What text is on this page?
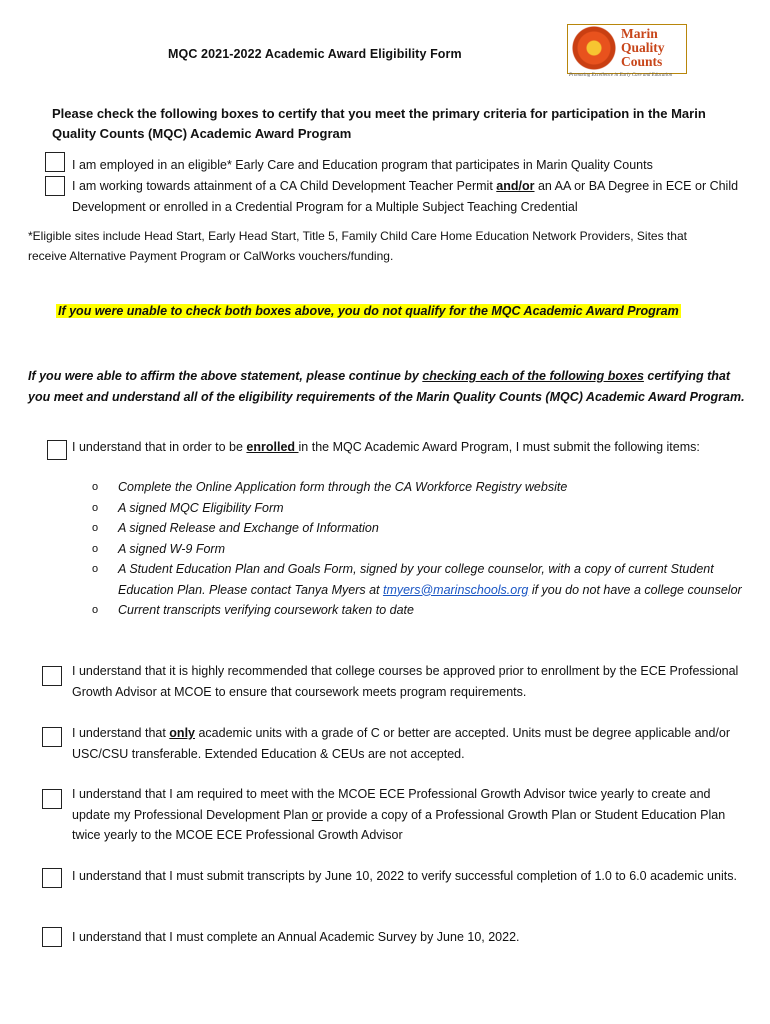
MQC 2021-2022 Academic Award Eligibility Form
Marin
Quality
Counts
Promoting Excellence in Early Care and Education
Please check the following boxes to certify that you meet the primary criteria for participation in the Marin Quality Counts (MQC) Academic Award Program
I am employed in an eligible* Early Care and Education program that participates in Marin Quality Counts
I am working towards attainment of a CA Child Development Teacher Permit and/or an AA or BA Degree in ECE or Child Development or enrolled in a Credential Program for a Multiple Subject Teaching Credential
*Eligible sites include Head Start, Early Head Start, Title 5, Family Child Care Home Education Network Providers, Sites that receive Alternative Payment Program or CalWorks vouchers/funding.
If you were unable to check both boxes above, you do not qualify for the MQC Academic Award Program
If you were able to affirm the above statement, please continue by checking each of the following boxes certifying that you meet and understand all of the eligibility requirements of the Marin Quality Counts (MQC) Academic Award Program.
I understand that in order to be enrolled in the MQC Academic Award Program, I must submit the following items:
o Complete the Online Application form through the CA Workforce Registry website
o A signed MQC Eligibility Form
o A signed Release and Exchange of Information
o A signed W-9 Form
o A Student Education Plan and Goals Form, signed by your college counselor, with a copy of current Student Education Plan. Please contact Tanya Myers at tmyers@marinschools.org if you do not have a college counselor
o Current transcripts verifying coursework taken to date
I understand that it is highly recommended that college courses be approved prior to enrollment by the ECE Professional Growth Advisor at MCOE to ensure that coursework meets program requirements.
I understand that only academic units with a grade of C or better are accepted. Units must be degree applicable and/or USC/CSU transferable. Extended Education & CEUs are not accepted.
I understand that I am required to meet with the MCOE ECE Professional Growth Advisor twice yearly to create and update my Professional Development Plan or provide a copy of a Professional Growth Plan or Student Education Plan twice yearly to the MCOE ECE Professional Growth Advisor
I understand that I must submit transcripts by June 10, 2022 to verify successful completion of 1.0 to 6.0 academic units.
I understand that I must complete an Annual Academic Survey by June 10, 2022.
